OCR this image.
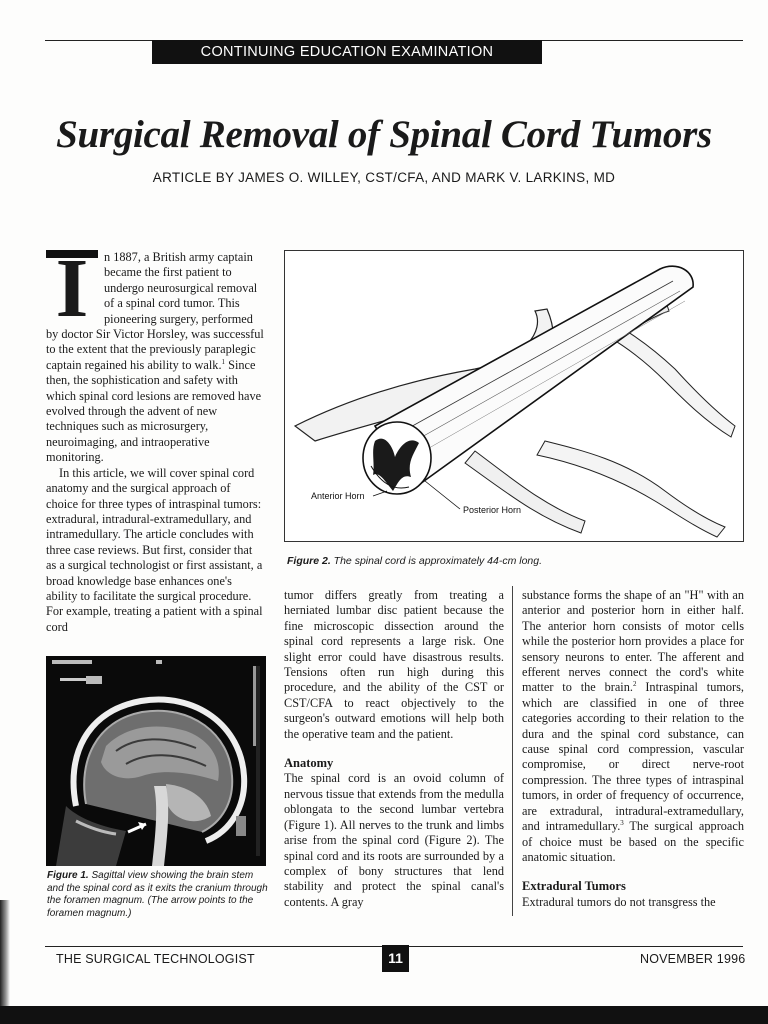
CONTINUING EDUCATION EXAMINATION
Surgical Removal of Spinal Cord Tumors
ARTICLE BY JAMES O. WILLEY, CST/CFA, AND MARK V. LARKINS, MD

I	n 1887, a British army captain became the first patient to undergo neurosurgical removal of a spinal cord tumor. This pioneering surgery, performed by doctor Sir Victor Horsley, was successful to the extent that the previously paraplegic captain regained his ability to walk.$^1$ Since then, the sophistication and safety with which spinal cord lesions are removed have evolved through the advent of new techniques such as microsurgery, neuroimaging, and intraoperative monitoring.

In this article, we will cover spinal cord anatomy and the surgical approach of choice for three types of intraspinal tumors: extradural, intradural-extramedullary, and intramedullary. The article concludes with three case reviews. But first, consider that as a surgical technologist or first assistant, a broad knowledge base enhances one's ability to facilitate the surgical procedure. For example, treating a patient with a spinal cord

Anterior Horn
Posterior Horn
Figure 2. The spinal cord is approximately 44-cm long.

tumor differs greatly from treating a herniated lumbar disc patient because the fine microscopic dissection around the spinal cord represents a large risk. One slight error could have disastrous results. Tensions often run high during this procedure, and the ability of the CST or CST/CFA to react objectively to the surgeon's outward emotions will help both the operative team and the patient.

Anatomy

The spinal cord is an ovoid column of nervous tissue that extends from the medulla oblongata to the second lumbar vertebra (Figure 1). All nerves to the trunk and limbs arise from the spinal cord (Figure 2). The spinal cord and its roots are surrounded by a complex of bony structures that lend stability and protect the spinal canal's contents. A gray

substance forms the shape of an "H" with an anterior and posterior horn in either half. The anterior horn consists of motor cells while the posterior horn provides a place for sensory neurons to enter. The afferent and efferent nerves connect the cord's white matter to the brain.$^2$ Intraspinal tumors, which are classified in one of three categories according to their relation to the dura and the spinal cord substance, can cause spinal cord compression, vascular compromise, or direct nerve-root compression. The three types of intraspinal tumors, in order of frequency of occurrence, are extradural, intradural-extramedullary, and intramedullary.$^3$ The surgical approach of choice must be based on the specific anatomic situation.

Extradural Tumors

Extradural tumors do not transgress the

Figure 1. Sagittal view showing the brain stem and the spinal cord as it exits the cranium through the foramen magnum. (The arrow points to the foramen magnum.)
THE SURGICAL TECHNOLOGIST	11	NOVEMBER 1996
